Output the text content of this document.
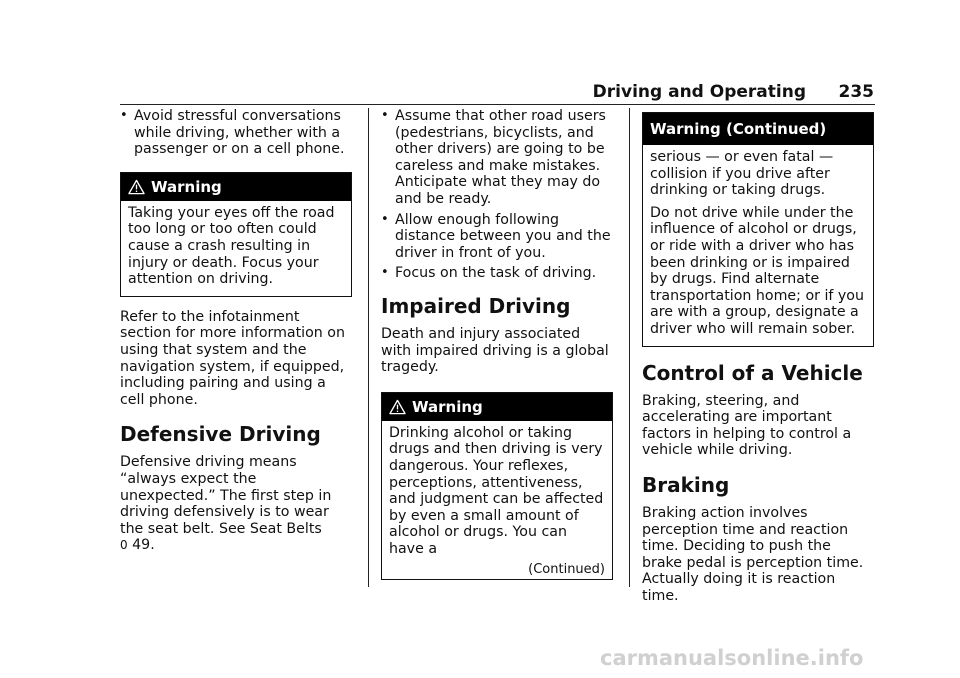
Driving and Operating 235
• Avoid stressful conversations while driving, whether with a passenger or on a cell phone.
Warning

Taking your eyes off the road too long or too often could cause a crash resulting in injury or death. Focus your attention on driving.

Refer to the infotainment section for more information on using that system and the navigation system, if equipped, including pairing and using a cell phone.

Defensive Driving

Defensive driving means “always expect the unexpected.” The first step in driving defensively is to wear the seat belt. See Seat Belts
0 49.

• Assume that other road users (pedestrians, bicyclists, and other drivers) are going to be careless and make mistakes. Anticipate what they may do and be ready.
• Allow enough following distance between you and the driver in front of you.
• Focus on the task of driving.
Impaired Driving

Death and injury associated with impaired driving is a global tragedy.

Warning

Drinking alcohol or taking drugs and then driving is very dangerous. Your reflexes, perceptions, attentiveness, and judgment can be affected by even a small amount of alcohol or drugs. You can have a

(Continued)
Warning (Continued)

serious — or even fatal — collision if you drive after drinking or taking drugs.

Do not drive while under the influence of alcohol or drugs, or ride with a driver who has been drinking or is impaired by drugs. Find alternate transportation home; or if you are with a group, designate a driver who will remain sober.

Control of a Vehicle

Braking, steering, and accelerating are important factors in helping to control a vehicle while driving.

Braking

Braking action involves perception time and reaction time. Deciding to push the brake pedal is perception time. Actually doing it is reaction time.

carmanualsonline.info
